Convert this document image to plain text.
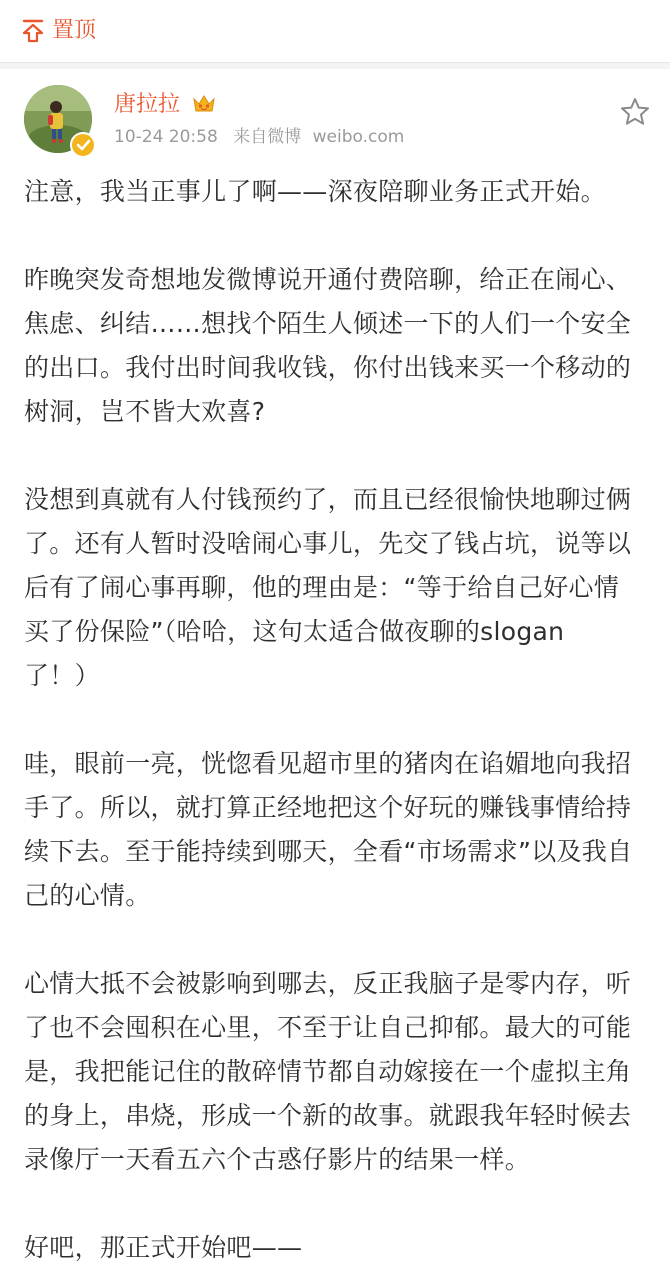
置顶
唐拉拉
10-24 20:58 来自微博 weibo.com

注意，我当正事儿了啊——深夜陪聊业务正式开始。

昨晚突发奇想地发微博说开通付费陪聊，给正在闹心、
焦虑、纠结……想找个陌生人倾述一下的人们一个安全
的出口。我付出时间我收钱，你付出钱来买一个移动的
树洞，岂不皆大欢喜?

没想到真就有人付钱预约了，而且已经很愉快地聊过俩
了。还有人暂时没啥闹心事儿，先交了钱占坑，说等以
后有了闹心事再聊，他的理由是：“等于给自己好心情
买了份保险”（哈哈，这句太适合做夜聊的slogan
了！）

哇，眼前一亮，恍惚看见超市里的猪肉在谄媚地向我招
手了。所以，就打算正经地把这个好玩的赚钱事情给持
续下去。至于能持续到哪天，全看“市场需求”以及我自
己的心情。

心情大抵不会被影响到哪去，反正我脑子是零内存，听
了也不会囤积在心里，不至于让自己抑郁。最大的可能
是，我把能记住的散碎情节都自动嫁接在一个虚拟主角
的身上，串烧，形成一个新的故事。就跟我年轻时候去
录像厅一天看五六个古惑仔影片的结果一样。

好吧，那正式开始吧——
